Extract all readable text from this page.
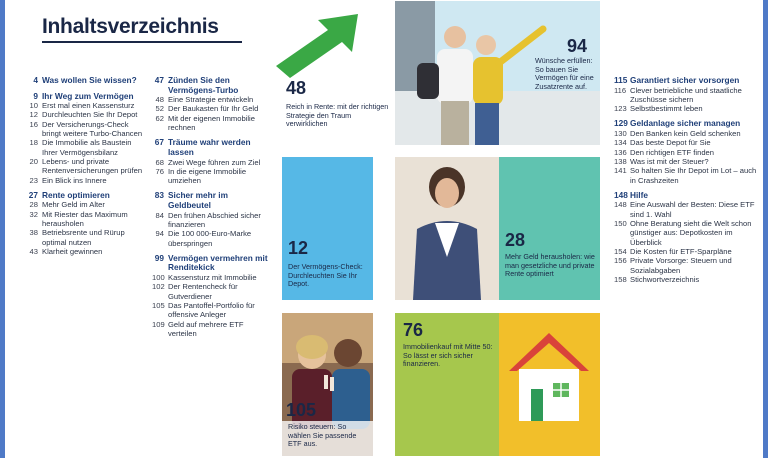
Inhaltsverzeichnis
4 Was wollen Sie wissen?
9 Ihr Weg zum Vermögen
10 Erst mal einen Kassensturz
12 Durchleuchten Sie Ihr Depot
16 Der Versicherungs-Check bringt weitere Turbo-Chancen
18 Die Immobilie als Baustein Ihrer Vermögensbilanz
20 Lebens- und private Rentenversicherungen prüfen
23 Ein Blick ins Innere
27 Rente optimieren
28 Mehr Geld im Alter
32 Mit Riester das Maximum herausholen
38 Betriebsrente und Rürup optimal nutzen
43 Klarheit gewinnen
47 Zünden Sie den Vermögens-Turbo
48 Eine Strategie entwickeln
52 Der Baukasten für Ihr Geld
62 Mit der eigenen Immobilie rechnen
67 Träume wahr werden lassen
68 Zwei Wege führen zum Ziel
76 In die eigene Immobilie umziehen
83 Sicher mehr im Geldbeutel
84 Den frühen Abschied sicher finanzieren
94 Die 100 000-Euro-Marke überspringen
99 Vermögen vermehren mit Renditekick
100 Kassensturz mit Immobilie
102 Der Rentencheck für Gutverdiener
105 Das Pantoffel-Portfolio für offensive Anleger
109 Geld auf mehrere ETF verteilen
115 Garantiert sicher vorsorgen
116 Clever betriebliche und staatliche Zuschüsse sichern
123 Selbstbestimmt leben
129 Geldanlage sicher managen
130 Den Banken kein Geld schenken
134 Das beste Depot für Sie
136 Den richtigen ETF finden
138 Was ist mit der Steuer?
141 So halten Sie Ihr Depot im Lot – auch in Crashzeiten
148 Hilfe
148 Eine Auswahl der Besten: Diese ETF sind 1. Wahl
150 Ohne Beratung sieht die Welt schon günstiger aus: Depotkosten im Überblick
154 Die Kosten für ETF-Sparpläne
156 Private Vorsorge: Steuern und Sozialabgaben
158 Stichwortverzeichnis
48
Reich in Rente: mit der richtigen Strategie den Traum verwirklichen
94
Wünsche erfüllen: So bauen Sie Vermögen für eine Zusatzrente auf.
12
Der Vermögens-Check: Durchleuchten Sie Ihr Depot.
28
Mehr Geld herausholen: wie man gesetzliche und private Rente optimiert
105
Risiko steuern: So wählen Sie passende ETF aus.
76
Immobilienkauf mit Mitte 50: So lässt er sich sicher finanzieren.
